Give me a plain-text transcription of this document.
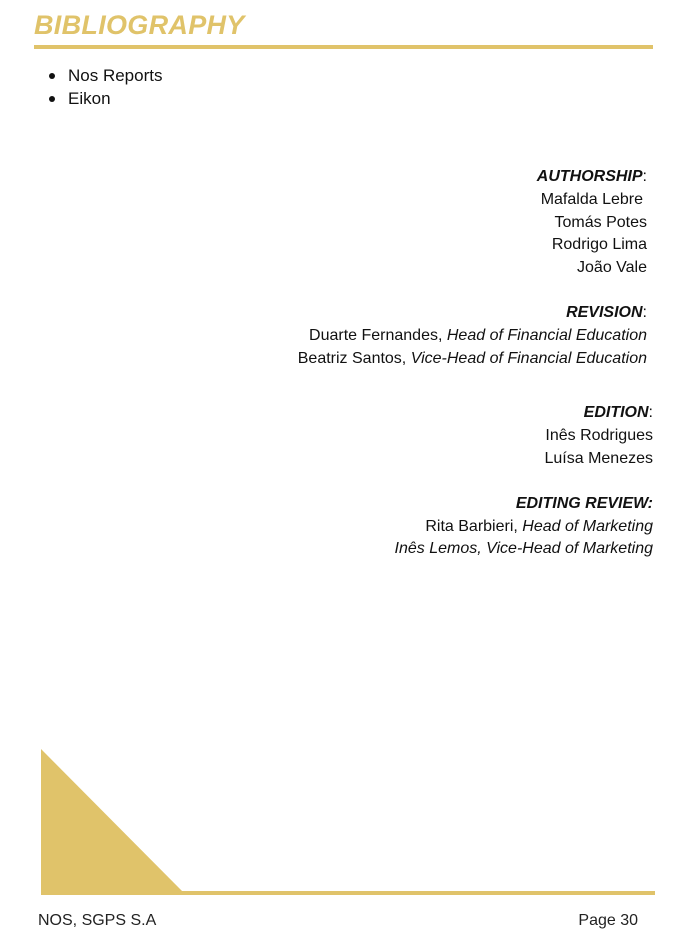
BIBLIOGRAPHY
Nos Reports
Eikon
AUTHORSHIP:
Mafalda Lebre
Tomás Potes
Rodrigo Lima
João Vale
REVISION:
Duarte Fernandes, Head of Financial Education
Beatriz Santos, Vice-Head of Financial Education
EDITION:
Inês Rodrigues
Luísa Menezes
EDITING REVIEW:
Rita Barbieri, Head of Marketing
Inês Lemos, Vice-Head of Marketing
NOS, SGPS S.A	Page 30
